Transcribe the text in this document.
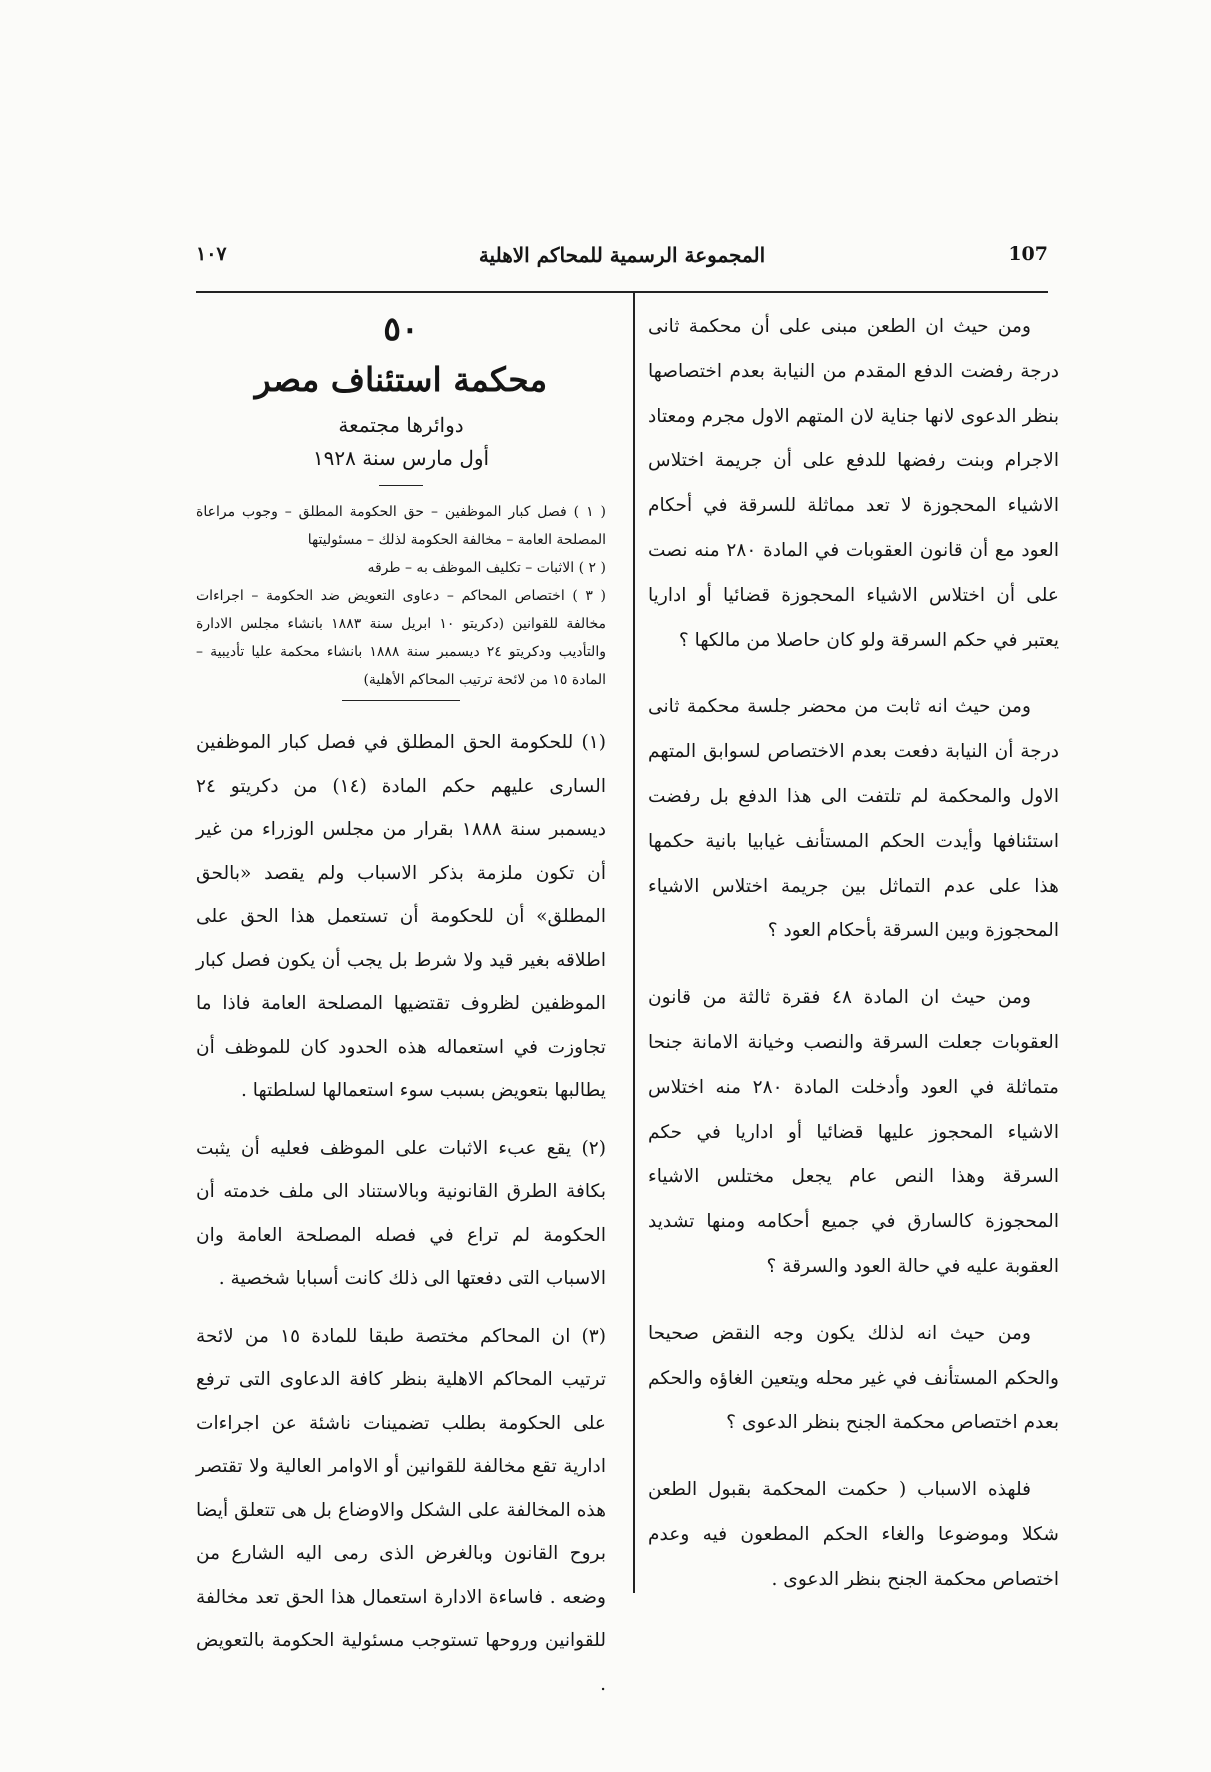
107
المجموعة الرسمية للمحاكم الاهلية
١٠٧

ومن حيث ان الطعن مبنى على أن محكمة ثانى درجة رفضت الدفع المقدم من النيابة بعدم اختصاصها بنظر الدعوى لانها جناية لان المتهم الاول مجرم ومعتاد الاجرام وبنت رفضها للدفع على أن جريمة اختلاس الاشياء المحجوزة لا تعد مماثلة للسرقة في أحكام العود مع أن قانون العقوبات في المادة ٢٨٠ منه نصت على أن اختلاس الاشياء المحجوزة قضائيا أو اداريا يعتبر في حكم السرقة ولو كان حاصلا من مالكها ؟

ومن حيث انه ثابت من محضر جلسة محكمة ثانى درجة أن النيابة دفعت بعدم الاختصاص لسوابق المتهم الاول والمحكمة لم تلتفت الى هذا الدفع بل رفضت استئنافها وأيدت الحكم المستأنف غيابيا بانية حكمها هذا على عدم التماثل بين جريمة اختلاس الاشياء المحجوزة وبين السرقة بأحكام العود ؟

ومن حيث ان المادة ٤٨ فقرة ثالثة من قانون العقوبات جعلت السرقة والنصب وخيانة الامانة جنحا متماثلة في العود وأدخلت المادة ٢٨٠ منه اختلاس الاشياء المحجوز عليها قضائيا أو اداريا في حكم السرقة وهذا النص عام يجعل مختلس الاشياء المحجوزة كالسارق في جميع أحكامه ومنها تشديد العقوبة عليه في حالة العود والسرقة ؟

ومن حيث انه لذلك يكون وجه النقض صحيحا والحكم المستأنف في غير محله ويتعين الغاؤه والحكم بعدم اختصاص محكمة الجنح بنظر الدعوى ؟

فلهذه الاسباب ( حكمت المحكمة بقبول الطعن شكلا وموضوعا والغاء الحكم المطعون فيه وعدم اختصاص محكمة الجنح بنظر الدعوى .

٥٠
محكمة استئناف مصر
دوائرها مجتمعة
أول مارس سنة ١٩٢٨

( ١ ) فصل كبار الموظفين – حق الحكومة المطلق – وجوب مراعاة المصلحة العامة – مخالفة الحكومة لذلك – مسئوليتها

( ٢ ) الاثبات – تكليف الموظف به – طرقه

( ٣ ) اختصاص المحاكم – دعاوى التعويض ضد الحكومة – اجراءات مخالفة للقوانين (دكريتو ١٠ ابريل سنة ١٨٨٣ بانشاء مجلس الادارة والتأديب ودكريتو ٢٤ ديسمبر سنة ١٨٨٨ بانشاء محكمة عليا تأديبية – المادة ١٥ من لائحة ترتيب المحاكم الأهلية)

(١) للحكومة الحق المطلق في فصل كبار الموظفين السارى عليهم حكم المادة (١٤) من دكريتو ٢٤ ديسمبر سنة ١٨٨٨ بقرار من مجلس الوزراء من غير أن تكون ملزمة بذكر الاسباب ولم يقصد «بالحق المطلق» أن للحكومة أن تستعمل هذا الحق على اطلاقه بغير قيد ولا شرط بل يجب أن يكون فصل كبار الموظفين لظروف تقتضيها المصلحة العامة فاذا ما تجاوزت في استعماله هذه الحدود كان للموظف أن يطالبها بتعويض بسبب سوء استعمالها لسلطتها .

(٢) يقع عبء الاثبات على الموظف فعليه أن يثبت بكافة الطرق القانونية وبالاستناد الى ملف خدمته أن الحكومة لم تراع في فصله المصلحة العامة وان الاسباب التى دفعتها الى ذلك كانت أسبابا شخصية .

(٣) ان المحاكم مختصة طبقا للمادة ١٥ من لائحة ترتيب المحاكم الاهلية بنظر كافة الدعاوى التى ترفع على الحكومة بطلب تضمينات ناشئة عن اجراءات ادارية تقع مخالفة للقوانين أو الاوامر العالية ولا تقتصر هذه المخالفة على الشكل والاوضاع بل هى تتعلق أيضا بروح القانون وبالغرض الذى رمى اليه الشارع من وضعه . فاساءة الادارة استعمال هذا الحق تعد مخالفة للقوانين وروحها تستوجب مسئولية الحكومة بالتعويض .
